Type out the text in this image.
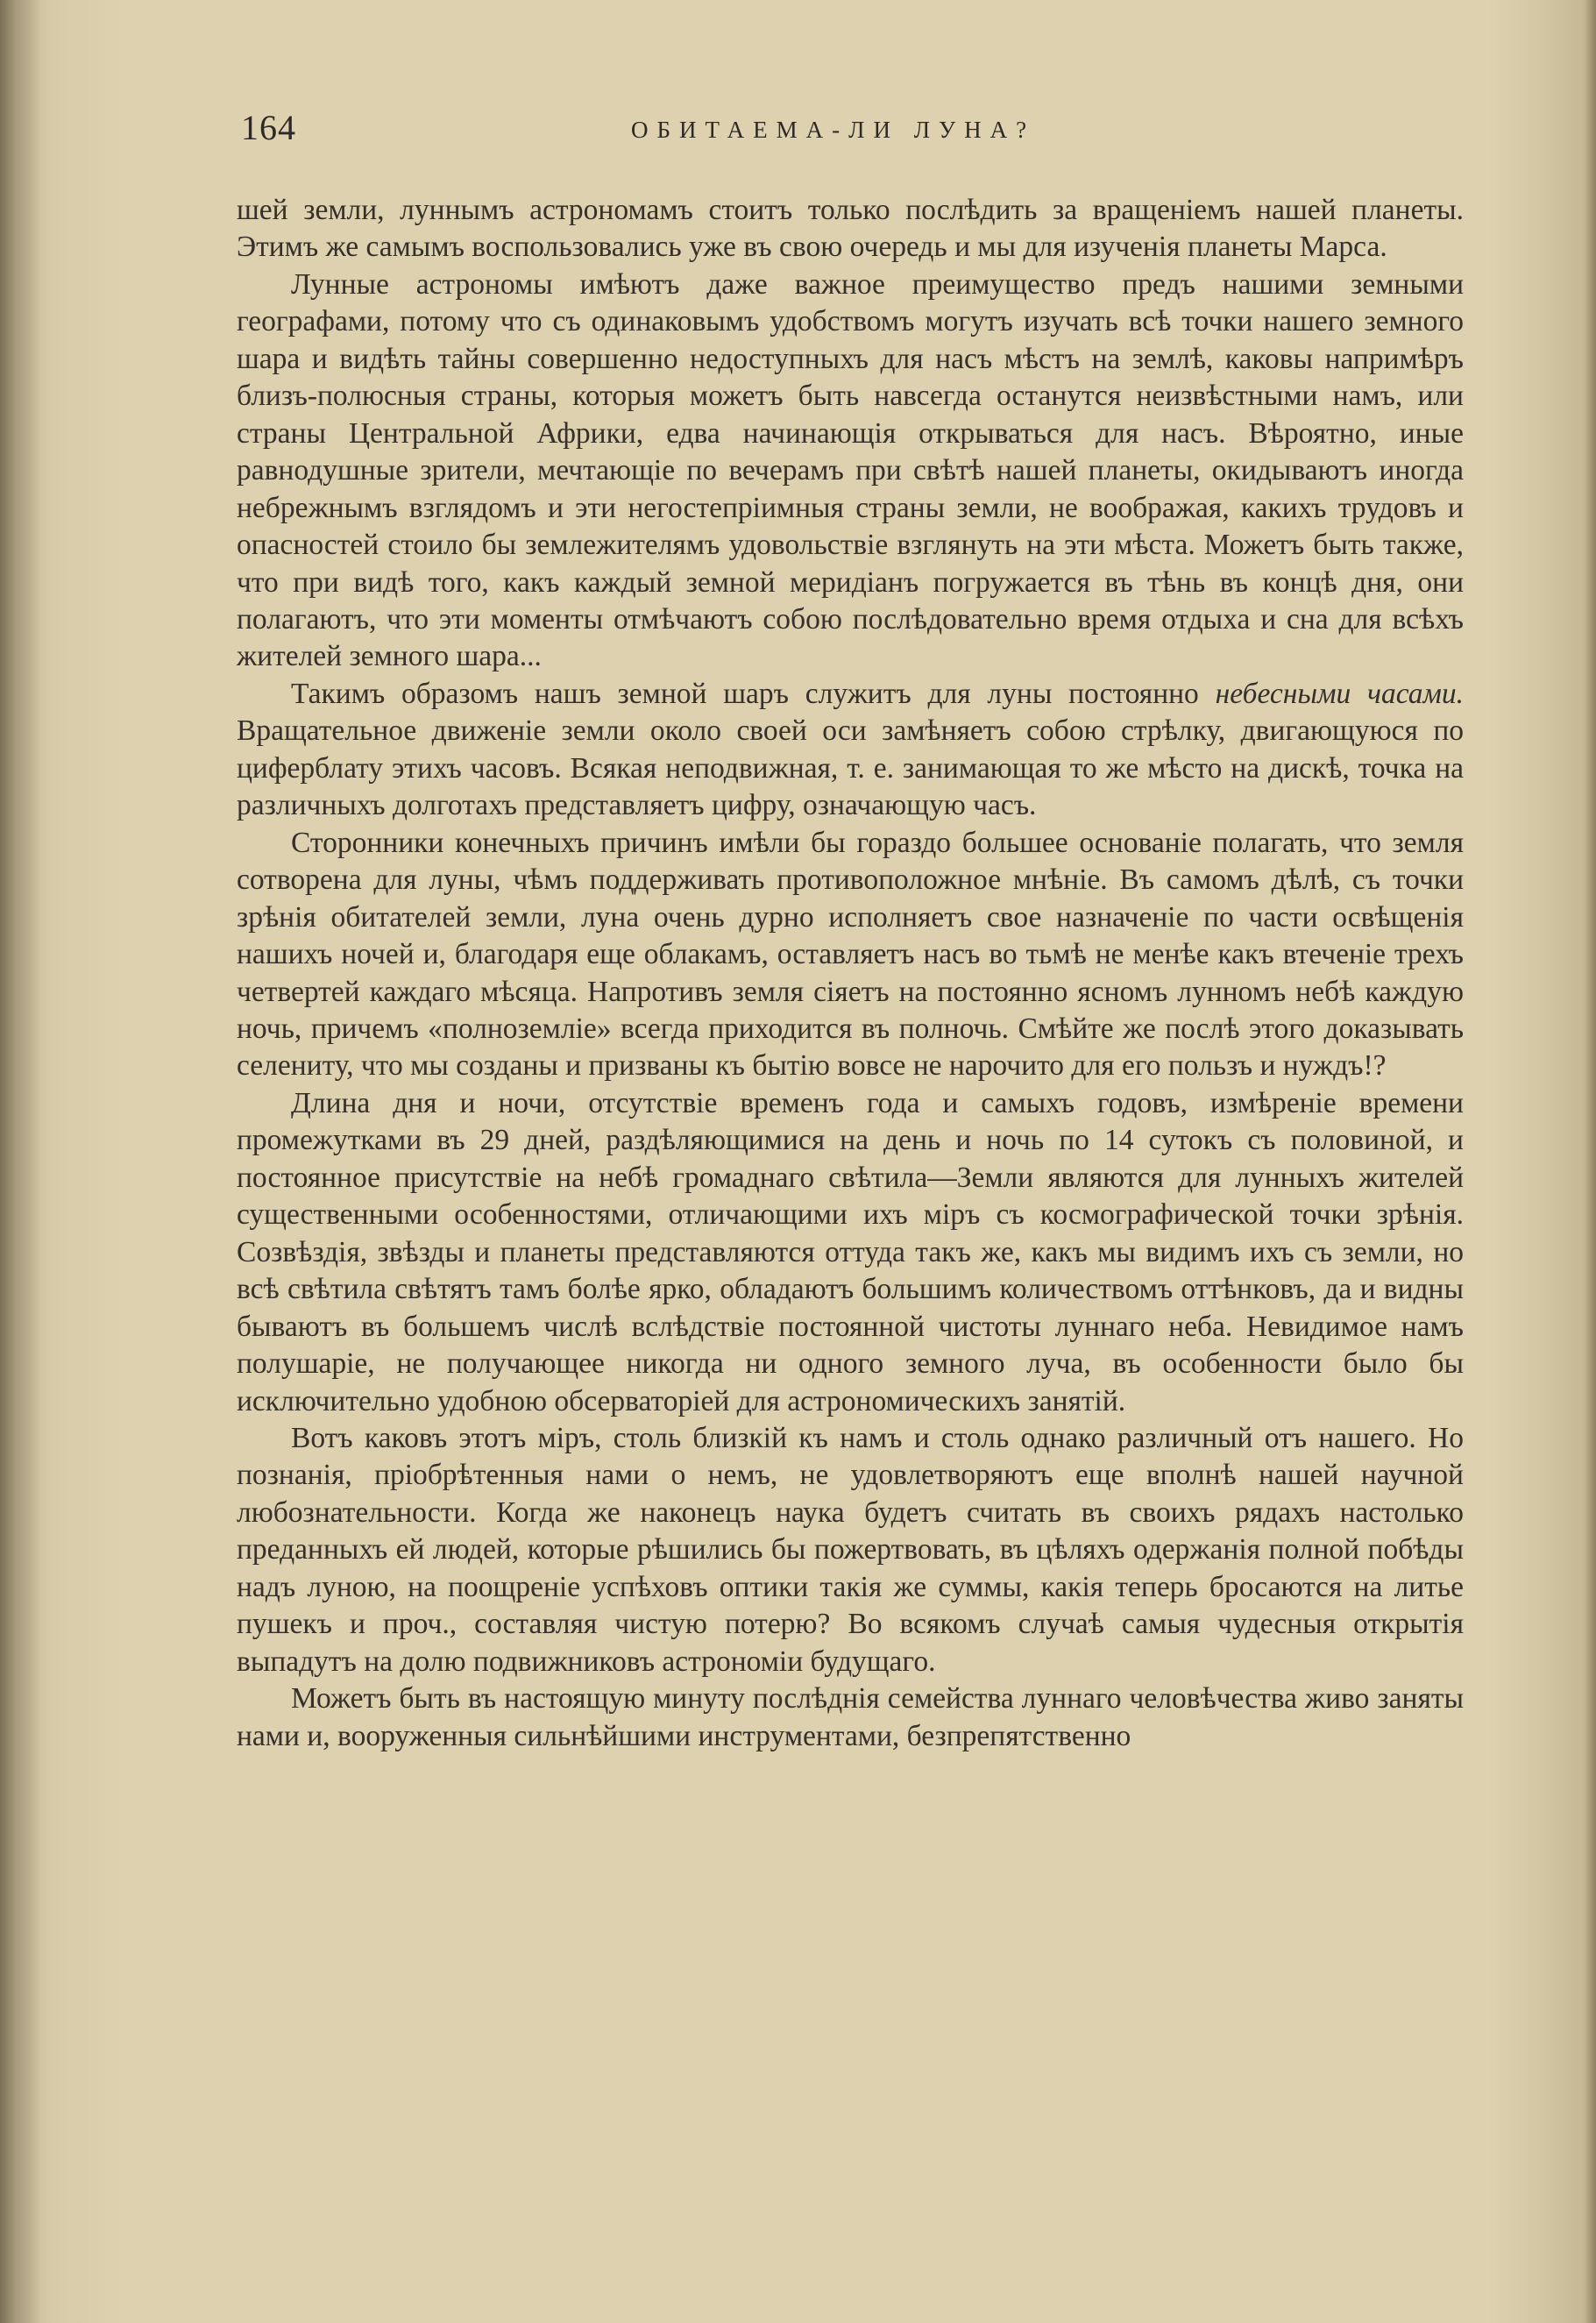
164	ОБИТАЕМА-ЛИ ЛУНА?

шей земли, луннымъ астрономамъ стоитъ только послѣдить за вращеніемъ нашей планеты. Этимъ же самымъ воспользовались уже въ свою очередь и мы для изученія планеты Марса.

Лунные астрономы имѣютъ даже важное преимущество предъ нашими земными географами, потому что съ одинаковымъ удобствомъ могутъ изучать всѣ точки нашего земного шара и видѣть тайны совершенно недоступныхъ для насъ мѣстъ на землѣ, каковы напримѣръ близъ-полюсныя страны, которыя можетъ быть навсегда останутся неизвѣстными намъ, или страны Центральной Африки, едва начинающія открываться для насъ. Вѣроятно, иные равнодушные зрители, мечтающіе по вечерамъ при свѣтѣ нашей планеты, окидываютъ иногда небрежнымъ взглядомъ и эти негостепріимныя страны земли, не воображая, какихъ трудовъ и опасностей стоило бы землежителямъ удовольствіе взглянуть на эти мѣста. Можетъ быть также, что при видѣ того, какъ каждый земной меридіанъ погружается въ тѣнь въ концѣ дня, они полагаютъ, что эти моменты отмѣчаютъ собою послѣдовательно время отдыха и сна для всѣхъ жителей земного шара...

Такимъ образомъ нашъ земной шаръ служитъ для луны постоянно небесными часами. Вращательное движеніе земли около своей оси замѣняетъ собою стрѣлку, двигающуюся по циферблату этихъ часовъ. Всякая неподвижная, т. е. занимающая то же мѣсто на дискѣ, точка на различныхъ долготахъ представляетъ цифру, означающую часъ.

Сторонники конечныхъ причинъ имѣли бы гораздо большее основаніе полагать, что земля сотворена для луны, чѣмъ поддерживать противоположное мнѣніе. Въ самомъ дѣлѣ, съ точки зрѣнія обитателей земли, луна очень дурно исполняетъ свое назначеніе по части освѣщенія нашихъ ночей и, благодаря еще облакамъ, оставляетъ насъ во тьмѣ не менѣе какъ втеченіе трехъ четвертей каждаго мѣсяца. Напротивъ земля сіяетъ на постоянно ясномъ лунномъ небѣ каждую ночь, причемъ «полноземліе» всегда приходится въ полночь. Смѣйте же послѣ этого доказывать селениту, что мы созданы и призваны къ бытію вовсе не нарочито для его пользъ и нуждъ!?

Длина дня и ночи, отсутствіе временъ года и самыхъ годовъ, измѣреніе времени промежутками въ 29 дней, раздѣляющимися на день и ночь по 14 сутокъ съ половиной, и постоянное присутствіе на небѣ громаднаго свѣтила—Земли являются для лунныхъ жителей существенными особенностями, отличающими ихъ міръ съ космографической точки зрѣнія. Созвѣздія, звѣзды и планеты представляются оттуда такъ же, какъ мы видимъ ихъ съ земли, но всѣ свѣтила свѣтятъ тамъ болѣе ярко, обладаютъ большимъ количествомъ оттѣнковъ, да и видны бываютъ въ большемъ числѣ вслѣдствіе постоянной чистоты луннаго неба. Невидимое намъ полушаріе, не получающее никогда ни одного земного луча, въ особенности было бы исключительно удобною обсерваторіей для астрономическихъ занятій.

Вотъ каковъ этотъ міръ, столь близкій къ намъ и столь однако различный отъ нашего. Но познанія, пріобрѣтенныя нами о немъ, не удовлетворяютъ еще вполнѣ нашей научной любознательности. Когда же наконецъ наука будетъ считать въ своихъ рядахъ настолько преданныхъ ей людей, которые рѣшились бы пожертвовать, въ цѣляхъ одержанія полной побѣды надъ луною, на поощреніе успѣховъ оптики такія же суммы, какія теперь бросаются на литье пушекъ и проч., составляя чистую потерю? Во всякомъ случаѣ самыя чудесныя открытія выпадутъ на долю подвижниковъ астрономіи будущаго.

Можетъ быть въ настоящую минуту послѣднія семейства луннаго человѣчества живо заняты нами и, вооруженныя сильнѣйшими инструментами, безпрепятственно
